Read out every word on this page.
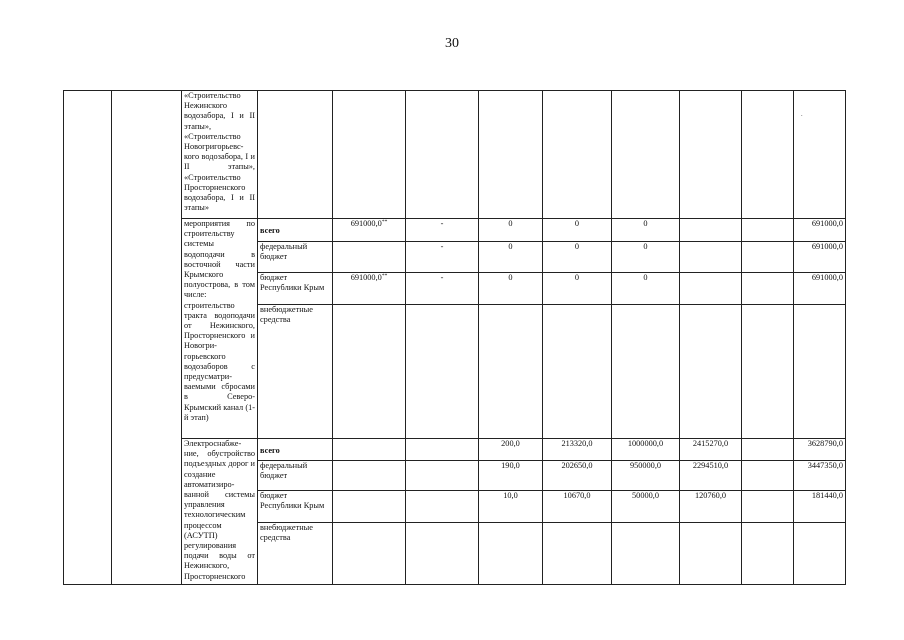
30
		«Строительство Нежинского водозабора, I и II этапы», «Строительство Новогригорьевс-кого водозабора, I и II этапы», «Строительство Просторненского водозабора, I и II этапы»									·

		мероприятия по строительству системы водоподачи в восточной части Крымского полуострова, в том числе: строительство тракта водоподачи от Нежинского, Просторненского и Новогри-горьевского водозаборов с предусматри-ваемыми сбросами в Северо-Крымский канал (1-й этап)	всего	691000,0**	-	0	0	0			691000,0
			федеральный бюджет		-	0	0	0			691000,0
			бюджет Республики Крым	691000,0**	-	0	0	0			691000,0
			внебюджетные средства								
		Электроснабже-ние, обустройство подъездных дорог и создание автоматизиро-ванной системы управления технологическим процессом (АСУТП) регулирования подачи воды от Нежинского, Просторненского	всего			200,0	213320,0	1000000,0	2415270,0		3628790,0
			федеральный бюджет			190,0	202650,0	950000,0	2294510,0		3447350,0
			бюджет Республики Крым			10,0	10670,0	50000,0	120760,0		181440,0
			внебюджетные средства								
